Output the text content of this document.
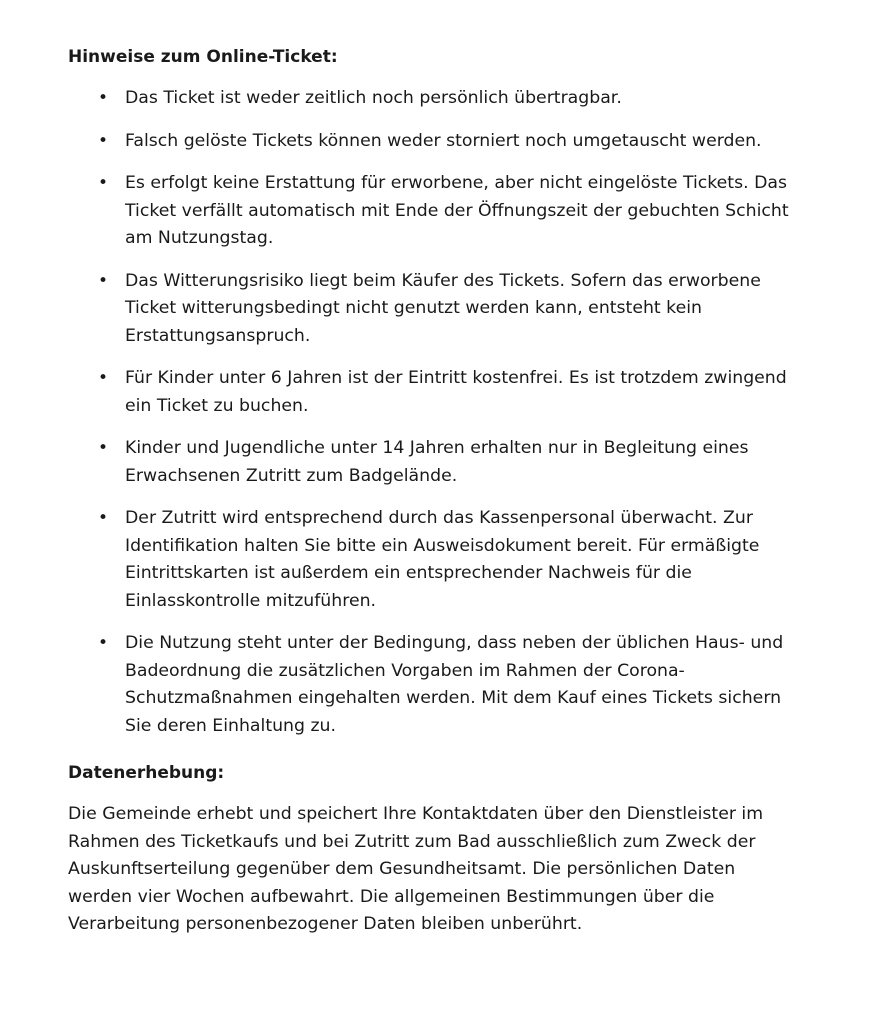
Hinweise zum Online-Ticket:
• Das Ticket ist weder zeitlich noch persönlich übertragbar.
• Falsch gelöste Tickets können weder storniert noch umgetauscht werden.
• Es erfolgt keine Erstattung für erworbene, aber nicht eingelöste Tickets. Das Ticket verfällt automatisch mit Ende der Öffnungszeit der gebuchten Schicht am Nutzungstag.
• Das Witterungsrisiko liegt beim Käufer des Tickets. Sofern das erworbene Ticket witterungsbedingt nicht genutzt werden kann, entsteht kein Erstattungsanspruch.
• Für Kinder unter 6 Jahren ist der Eintritt kostenfrei. Es ist trotzdem zwingend ein Ticket zu buchen.
• Kinder und Jugendliche unter 14 Jahren erhalten nur in Begleitung eines Erwachsenen Zutritt zum Badgelände.
• Der Zutritt wird entsprechend durch das Kassenpersonal überwacht. Zur Identifikation halten Sie bitte ein Ausweisdokument bereit. Für ermäßigte Eintrittskarten ist außerdem ein entsprechender Nachweis für die Einlasskontrolle mitzuführen.
• Die Nutzung steht unter der Bedingung, dass neben der üblichen Haus- und Badeordnung die zusätzlichen Vorgaben im Rahmen der Corona-Schutzmaßnahmen eingehalten werden. Mit dem Kauf eines Tickets sichern Sie deren Einhaltung zu.
Datenerhebung:

Die Gemeinde erhebt und speichert Ihre Kontaktdaten über den Dienstleister im Rahmen des Ticketkaufs und bei Zutritt zum Bad ausschließlich zum Zweck der Auskunftserteilung gegenüber dem Gesundheitsamt. Die persönlichen Daten werden vier Wochen aufbewahrt. Die allgemeinen Bestimmungen über die Verarbeitung personenbezogener Daten bleiben unberührt.
